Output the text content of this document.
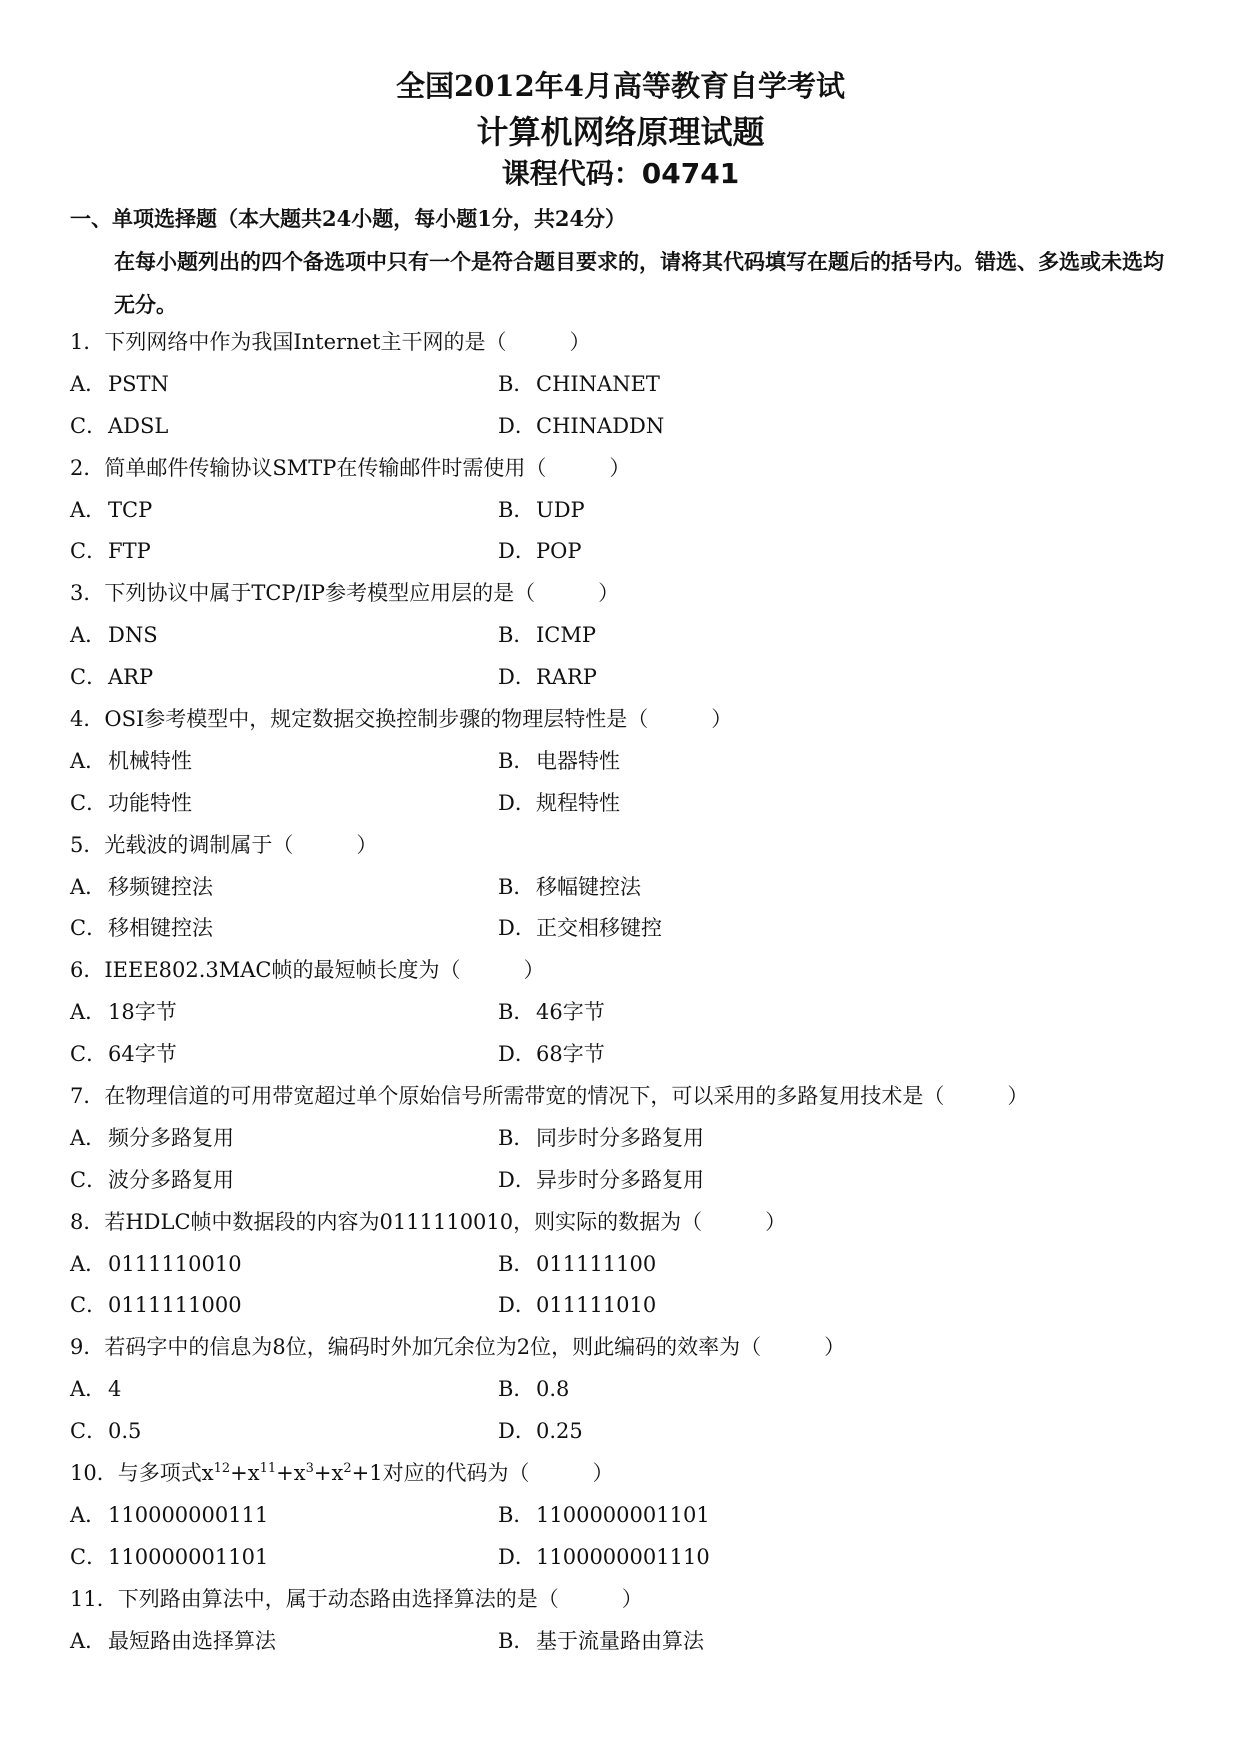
全国2012年4月高等教育自学考试
计算机网络原理试题
课程代码：04741
一、单项选择题（本大题共24小题，每小题1分，共24分）
在每小题列出的四个备选项中只有一个是符合题目要求的，请将其代码填写在题后的括号内。错选、多选或未选均无分。
1．下列网络中作为我国Internet主干网的是（　　　）
A．PSTN	B．CHINANET
C．ADSL	D．CHINADDN
2．简单邮件传输协议SMTP在传输邮件时需使用（　　　）
A．TCP	B．UDP
C．FTP	D．POP
3．下列协议中属于TCP/IP参考模型应用层的是（　　　）
A．DNS	B．ICMP
C．ARP	D．RARP
4．OSI参考模型中，规定数据交换控制步骤的物理层特性是（　　　）
A．机械特性	B．电器特性
C．功能特性	D．规程特性
5．光载波的调制属于（　　　）
A．移频键控法	B．移幅键控法
C．移相键控法	D．正交相移键控
6．IEEE802.3MAC帧的最短帧长度为（　　　）
A．18字节	B．46字节
C．64字节	D．68字节
7．在物理信道的可用带宽超过单个原始信号所需带宽的情况下，可以采用的多路复用技术是（　　　）
A．频分多路复用	B．同步时分多路复用
C．波分多路复用	D．异步时分多路复用
8．若HDLC帧中数据段的内容为0111110010，则实际的数据为（　　　）
A．0111110010	B．011111100
C．0111111000	D．011111010
9．若码字中的信息为8位，编码时外加冗余位为2位，则此编码的效率为（　　　）
A．4	B．0.8
C．0.5	D．0.25
10．与多项式$x^{12}+x^{11}+x^3+x^2+1$对应的代码为（　　　）
A．110000000111	B．1100000001101
C．110000001101	D．1100000001110
11．下列路由算法中，属于动态路由选择算法的是（　　　）
A．最短路由选择算法	B．基于流量路由算法
